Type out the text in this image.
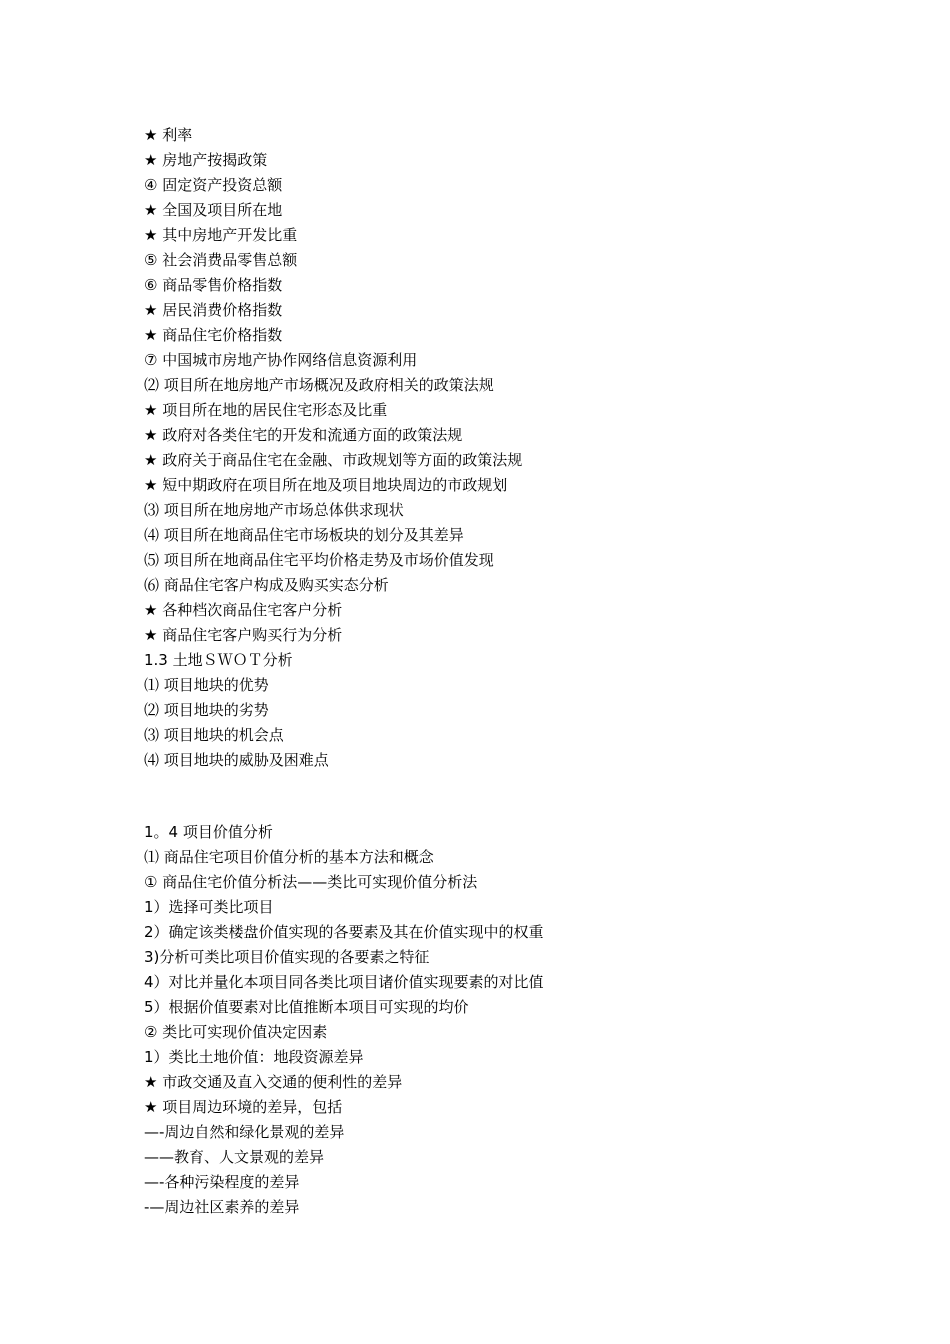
★ 利率
★ 房地产按揭政策
④ 固定资产投资总额
★ 全国及项目所在地
★ 其中房地产开发比重
⑤ 社会消费品零售总额
⑥ 商品零售价格指数
★ 居民消费价格指数
★ 商品住宅价格指数
⑦ 中国城市房地产协作网络信息资源利用
⑵ 项目所在地房地产市场概况及政府相关的政策法规
★ 项目所在地的居民住宅形态及比重
★ 政府对各类住宅的开发和流通方面的政策法规
★ 政府关于商品住宅在金融、市政规划等方面的政策法规
★ 短中期政府在项目所在地及项目地块周边的市政规划
⑶ 项目所在地房地产市场总体供求现状
⑷ 项目所在地商品住宅市场板块的划分及其差异
⑸ 项目所在地商品住宅平均价格走势及市场价值发现
⑹ 商品住宅客户构成及购买实态分析
★ 各种档次商品住宅客户分析
★ 商品住宅客户购买行为分析
1.3 土地ＳＷＯＴ分析
⑴ 项目地块的优势
⑵ 项目地块的劣势
⑶ 项目地块的机会点
⑷ 项目地块的威胁及困难点
1。4 项目价值分析
⑴ 商品住宅项目价值分析的基本方法和概念
① 商品住宅价值分析法——类比可实现价值分析法
1）选择可类比项目
2）确定该类楼盘价值实现的各要素及其在价值实现中的权重
3)分析可类比项目价值实现的各要素之特征
4）对比并量化本项目同各类比项目诸价值实现要素的对比值
5）根据价值要素对比值推断本项目可实现的均价
② 类比可实现价值决定因素
1）类比土地价值：地段资源差异
★ 市政交通及直入交通的便利性的差异
★ 项目周边环境的差异，包括
—-周边自然和绿化景观的差异
——教育、人文景观的差异
—-各种污染程度的差异
-—周边社区素养的差异
